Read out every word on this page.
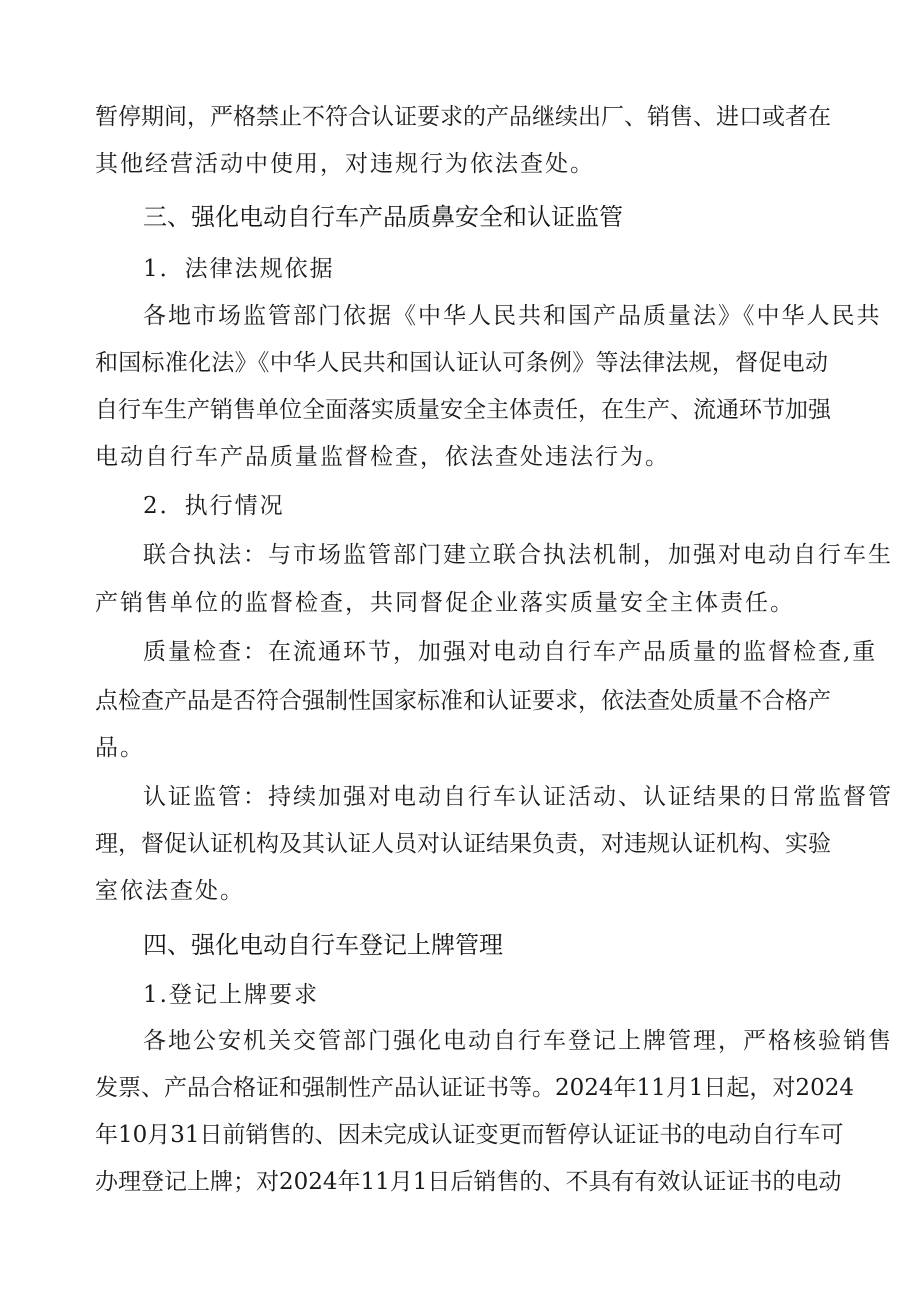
暂停期间，严格禁止不符合认证要求的产品继续出厂、销售、进口或者在
其他经营活动中使用，对违规行为依法查处。
三、强化电动自行车产品质鼻安全和认证监管
1．法律法规依据
各地市场监管部门依据《中华人民共和国产品质量法》《中华人民共
和国标准化法》《中华人民共和国认证认可条例》等法律法规，督促电动
自行车生产销售单位全面落实质量安全主体责任，在生产、流通环节加强
电动自行车产品质量监督检查，依法查处违法行为。
2．执行情况
联合执法：与市场监管部门建立联合执法机制，加强对电动自行车生
产销售单位的监督检查，共同督促企业落实质量安全主体责任。
质量检查：在流通环节，加强对电动自行车产品质量的监督检查,重
点检查产品是否符合强制性国家标准和认证要求，依法查处质量不合格产
品。
认证监管：持续加强对电动自行车认证活动、认证结果的日常监督管
理，督促认证机构及其认证人员对认证结果负责，对违规认证机构、实验
室依法查处。
四、强化电动自行车登记上牌管理
1.登记上牌要求
各地公安机关交管部门强化电动自行车登记上牌管理，严格核验销售
发票、产品合格证和强制性产品认证证书等。2024年11月1日起，对2024
年10月31日前销售的、因未完成认证变更而暂停认证证书的电动自行车可
办理登记上牌；对2024年11月1日后销售的、不具有有效认证证书的电动
